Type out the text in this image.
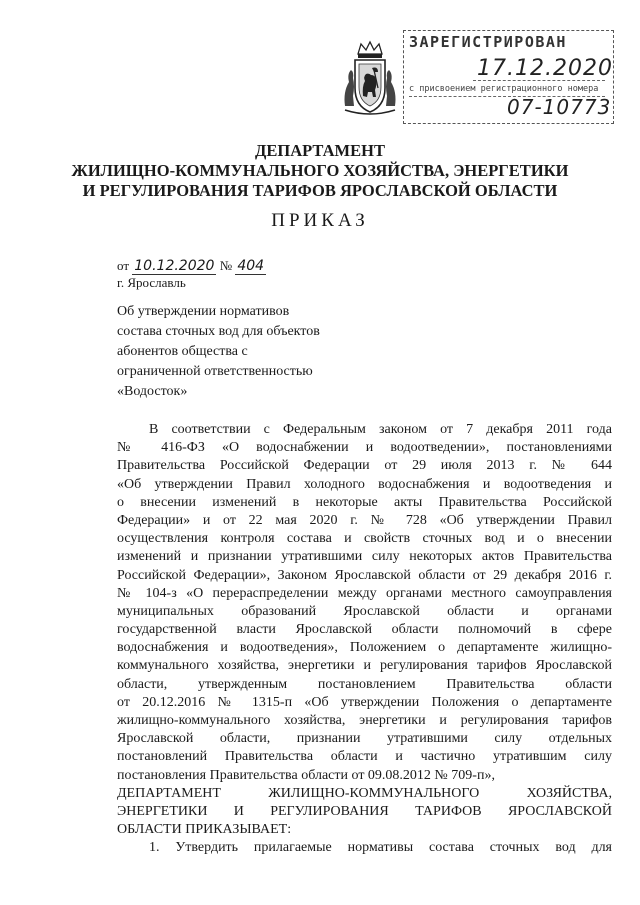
ЗАРЕГИСТРИРОВАН
17.12.2020
с присвоением регистрационного номера
07-10773
ДЕПАРТАМЕНТ
ЖИЛИЩНО-КОММУНАЛЬНОГО ХОЗЯЙСТВА, ЭНЕРГЕТИКИ
И РЕГУЛИРОВАНИЯ ТАРИФОВ ЯРОСЛАВСКОЙ ОБЛАСТИ
ПРИКАЗ
от 10.12.2020 № 404
г. Ярославль
Об утверждении нормативов
состава сточных вод для объектов
абонентов общества с
ограниченной ответственностью
«Водосток»
В соответствии с Федеральным законом от 7 декабря 2011 года
№ 416-ФЗ «О водоснабжении и водоотведении», постановлениями
Правительства Российской Федерации от 29 июля 2013 г. № 644
«Об утверждении Правил холодного водоснабжения и водоотведения и
о внесении изменений в некоторые акты Правительства Российской
Федерации» и от 22 мая 2020 г. № 728 «Об утверждении Правил
осуществления контроля состава и свойств сточных вод и о внесении
изменений и признании утратившими силу некоторых актов Правительства
Российской Федерации», Законом Ярославской области от 29 декабря 2016 г.
№ 104-з «О перераспределении между органами местного самоуправления
муниципальных образований Ярославской области и органами
государственной власти Ярославской области полномочий в сфере
водоснабжения и водоотведения», Положением о департаменте жилищно-
коммунального хозяйства, энергетики и регулирования тарифов Ярославской
области, утвержденным постановлением Правительства области
от 20.12.2016 № 1315-п «Об утверждении Положения о департаменте
жилищно-коммунального хозяйства, энергетики и регулирования тарифов
Ярославской области, признании утратившими силу отдельных
постановлений Правительства области и частично утратившим силу
постановления Правительства области от 09.08.2012 № 709-п»,
ДЕПАРТАМЕНТ ЖИЛИЩНО-КОММУНАЛЬНОГО ХОЗЯЙСТВА,
ЭНЕРГЕТИКИ И РЕГУЛИРОВАНИЯ ТАРИФОВ ЯРОСЛАВСКОЙ
ОБЛАСТИ ПРИКАЗЫВАЕТ:
1. Утвердить прилагаемые нормативы состава сточных вод для
